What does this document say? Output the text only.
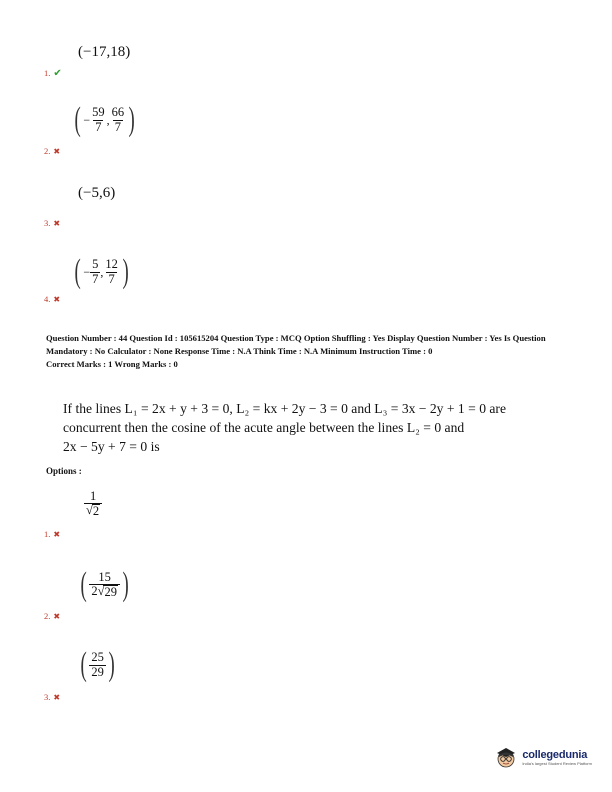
(−17,18)
1. ✔
( − $\frac{59}{7}$ , $\frac{66}{7}$ )
2. ✖
(−5,6)
3. ✖
( − $\frac{5}{7}$ , $\frac{12}{7}$ )
4. ✖
Question Number : 44 Question Id : 105615204 Question Type : MCQ Option Shuffling : Yes Display Question Number : Yes Is Question Mandatory : No Calculator : None Response Time : N.A Think Time : N.A Minimum Instruction Time : 0
Correct Marks : 1 Wrong Marks : 0
If the lines L₁ = 2x + y + 3 = 0, L₂ = kx + 2y − 3 = 0 and L₃ = 3x − 2y + 1 = 0 are
concurrent then the cosine of the acute angle between the lines L₂ = 0 and
2x − 5y + 7 = 0 is
Options :
$\frac{1}{√ 2}$
1. ✖
( $\frac{15}{2 √ 29}$ )
2. ✖
( $\frac{25}{29}$ )
3. ✖
collegedunia
India's largest Student Review Platform
